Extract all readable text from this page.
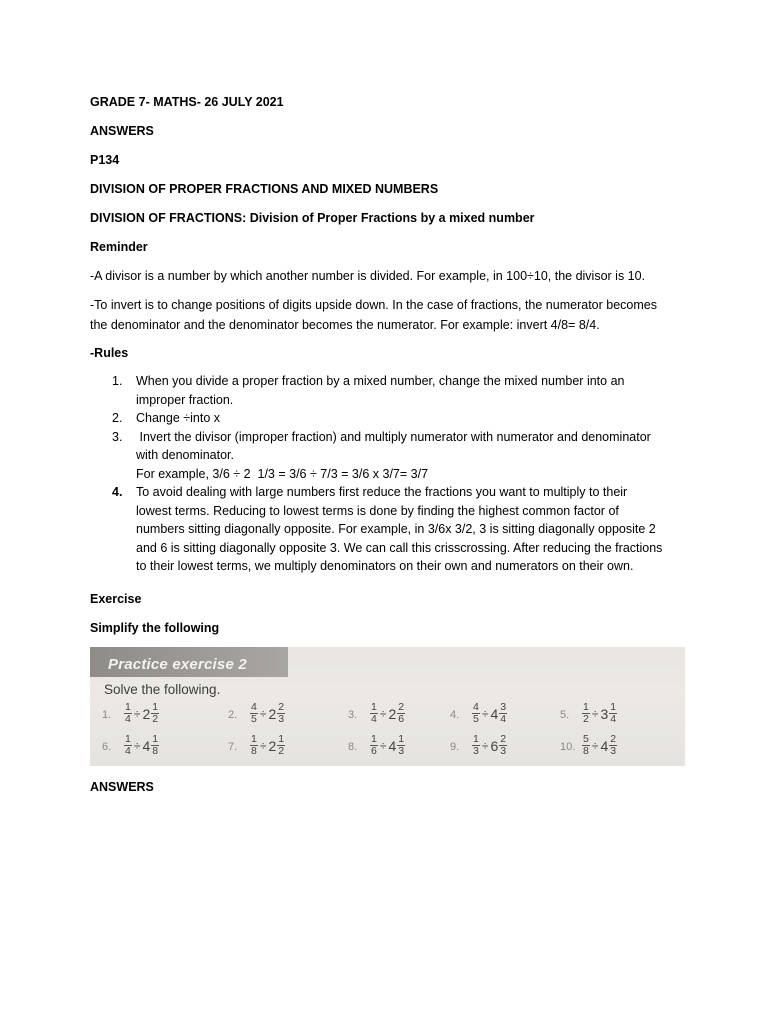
GRADE 7- MATHS- 26 JULY 2021
ANSWERS
P134
DIVISION OF PROPER FRACTIONS AND MIXED NUMBERS
DIVISION OF FRACTIONS: Division of Proper Fractions by a mixed number
Reminder
-A divisor is a number by which another number is divided. For example, in 100÷10, the divisor is 10.
-To invert is to change positions of digits upside down. In the case of fractions, the numerator becomes
the denominator and the denominator becomes the numerator. For example: invert 4/8= 8/4.
-Rules
1. When you divide a proper fraction by a mixed number, change the mixed number into an
improper fraction.
2. Change ÷into x
3. Invert the divisor (improper fraction) and multiply numerator with numerator and denominator
with denominator.
For example, 3/6 ÷ 2  1/3 = 3/6 ÷ 7/3 = 3/6 x 3/7= 3/7
4. To avoid dealing with large numbers first reduce the fractions you want to multiply to their
lowest terms. Reducing to lowest terms is done by finding the highest common factor of
numbers sitting diagonally opposite. For example, in 3/6x 3/2, 3 is sitting diagonally opposite 2
and 6 is sitting diagonally opposite 3. We can call this crisscrossing. After reducing the fractions
to their lowest terms, we multiply denominators on their own and numerators on their own.
Exercise
Simplify the following
Practice exercise 2
Solve the following.
1. $\frac{1}{4} \div 2 \frac{1}{2}$	2. $\frac{4}{5} \div 2 \frac{2}{3}$	3. $\frac{1}{4} \div 2 \frac{2}{6}$	4. $\frac{4}{5} \div 4 \frac{3}{4}$	5. $\frac{1}{2} \div 3 \frac{1}{4}$
6. $\frac{1}{4} \div 4 \frac{1}{8}$	7. $\frac{1}{8} \div 2 \frac{1}{2}$	8. $\frac{1}{6} \div 4 \frac{1}{3}$	9. $\frac{1}{3} \div 6 \frac{2}{3}$	10. $\frac{5}{8} \div 4 \frac{2}{3}$
ANSWERS
